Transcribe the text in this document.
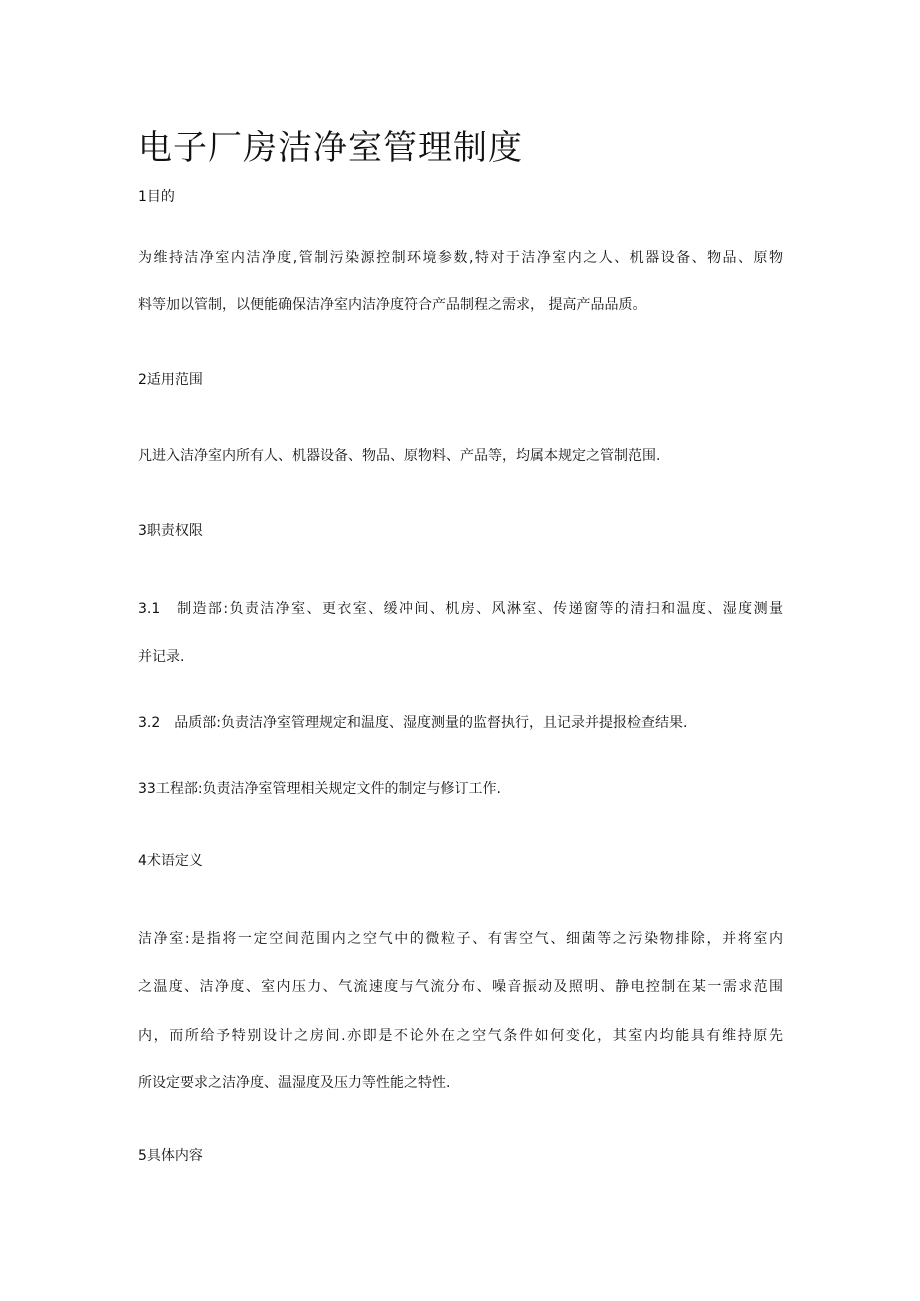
电子厂房洁净室管理制度

1目的

为维持洁净室内洁净度,管制污染源控制环境参数,特对于洁净室内之人、机器设备、物品、原物

料等加以管制，以便能确保洁净室内洁净度符合产品制程之需求， 提高产品品质。

2适用范围

凡进入洁净室内所有人、机器设备、物品、原物料、产品等，均属本规定之管制范围.

3职责权限

3.1　制造部:负责洁净室、更衣室、缓冲间、机房、风淋室、传递窗等的清扫和温度、湿度测量

并记录.

3.2　品质部:负责洁净室管理规定和温度、湿度测量的监督执行，且记录并提报检查结果.

33工程部:负责洁净室管理相关规定文件的制定与修订工作.

4术语定义

洁净室:是指将一定空间范围内之空气中的微粒子、有害空气、细菌等之污染物排除，并将室内

之温度、洁净度、室内压力、气流速度与气流分布、噪音振动及照明、静电控制在某一需求范围

内，而所给予特别设计之房间.亦即是不论外在之空气条件如何变化，其室内均能具有维持原先

所设定要求之洁净度、温湿度及压力等性能之特性.

5具体内容
